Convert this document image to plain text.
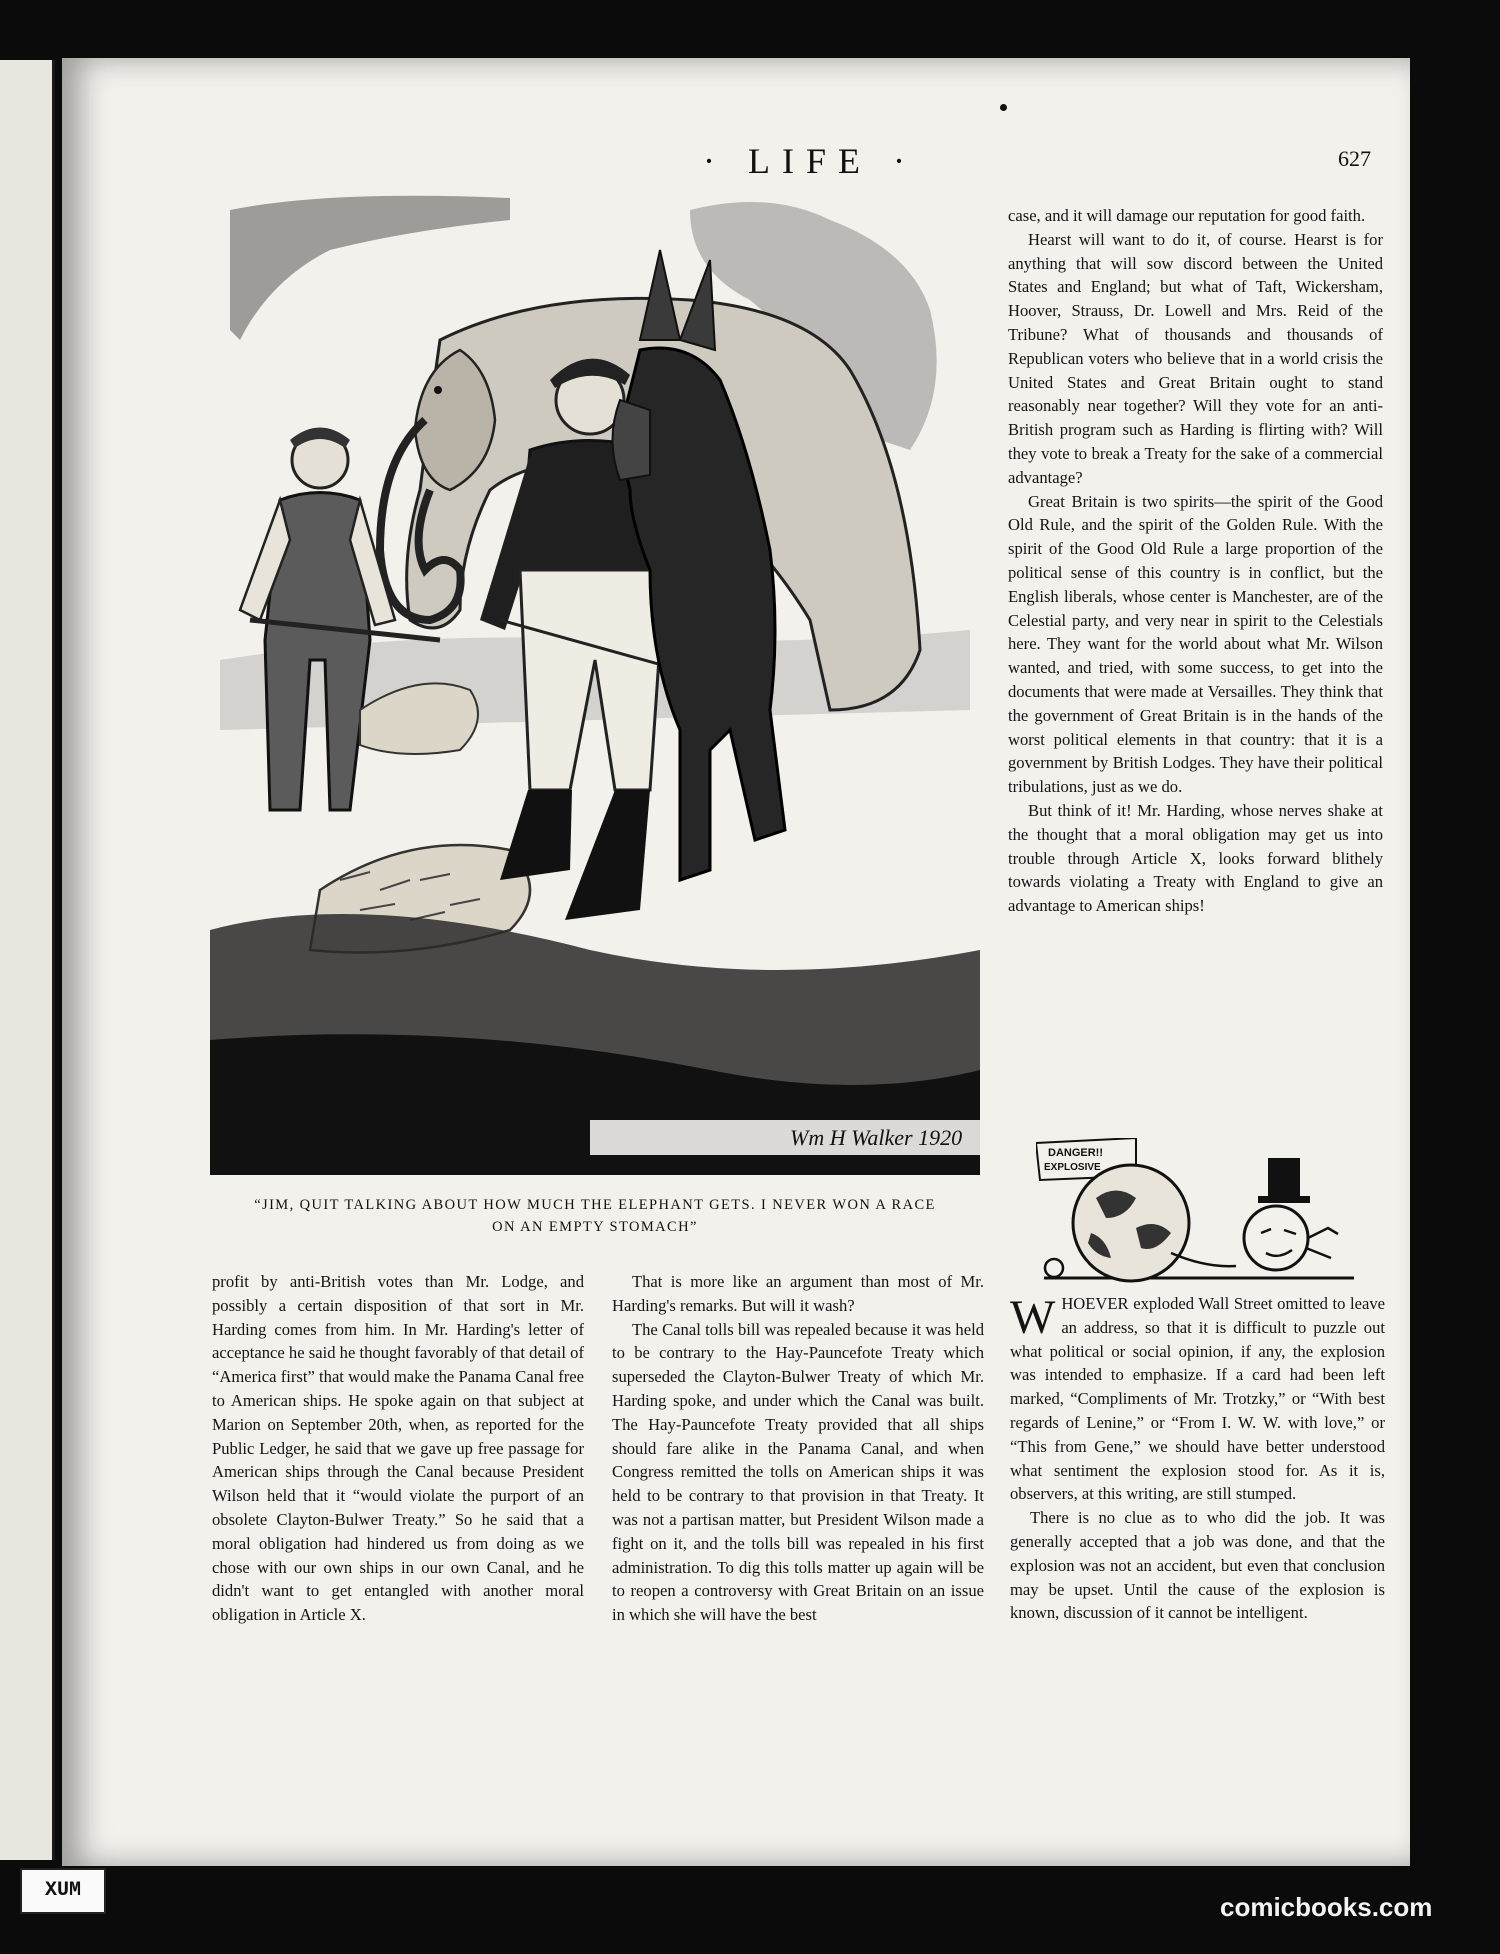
· LIFE ·	627
Wm H Walker 1920
“JIM, QUIT TALKING ABOUT HOW MUCH THE ELEPHANT GETS. I NEVER WON A RACE ON AN EMPTY STOMACH”

case, and it will damage our reputation for good faith.

Hearst will want to do it, of course. Hearst is for anything that will sow discord between the United States and England; but what of Taft, Wickersham, Hoover, Strauss, Dr. Lowell and Mrs. Reid of the Tribune? What of thousands and thousands of Republican voters who believe that in a world crisis the United States and Great Britain ought to stand reasonably near together? Will they vote for an anti-British program such as Harding is flirting with? Will they vote to break a Treaty for the sake of a commercial advantage?

Great Britain is two spirits—the spirit of the Good Old Rule, and the spirit of the Golden Rule. With the spirit of the Good Old Rule a large proportion of the political sense of this country is in conflict, but the English liberals, whose center is Manchester, are of the Celestial party, and very near in spirit to the Celestials here. They want for the world about what Mr. Wilson wanted, and tried, with some success, to get into the documents that were made at Versailles. They think that the government of Great Britain is in the hands of the worst political elements in that country: that it is a government by British Lodges. They have their political tribulations, just as we do.

But think of it! Mr. Harding, whose nerves shake at the thought that a moral obligation may get us into trouble through Article X, looks forward blithely towards violating a Treaty with England to give an advantage to American ships!

DANGER!!
EXPLOSIVE

profit by anti-British votes than Mr. Lodge, and possibly a certain disposition of that sort in Mr. Harding comes from him. In Mr. Harding's letter of acceptance he said he thought favorably of that detail of “America first” that would make the Panama Canal free to American ships. He spoke again on that subject at Marion on September 20th, when, as reported for the Public Ledger, he said that we gave up free passage for American ships through the Canal because President Wilson held that it “would violate the purport of an obsolete Clayton-Bulwer Treaty.” So he said that a moral obligation had hindered us from doing as we chose with our own ships in our own Canal, and he didn't want to get entangled with another moral obligation in Article X.

That is more like an argument than most of Mr. Harding's remarks. But will it wash?

The Canal tolls bill was repealed because it was held to be contrary to the Hay-Pauncefote Treaty which superseded the Clayton-Bulwer Treaty of which Mr. Harding spoke, and under which the Canal was built. The Hay-Pauncefote Treaty provided that all ships should fare alike in the Panama Canal, and when Congress remitted the tolls on American ships it was held to be contrary to that provision in that Treaty. It was not a partisan matter, but President Wilson made a fight on it, and the tolls bill was repealed in his first administration. To dig this tolls matter up again will be to reopen a controversy with Great Britain on an issue in which she will have the best

WHOEVER exploded Wall Street omitted to leave an address, so that it is difficult to puzzle out what political or social opinion, if any, the explosion was intended to emphasize. If a card had been left marked, “Compliments of Mr. Trotzky,” or “With best regards of Lenine,” or “From I. W. W. with love,” or “This from Gene,” we should have better understood what sentiment the explosion stood for. As it is, observers, at this writing, are still stumped.

There is no clue as to who did the job. It was generally accepted that a job was done, and that the explosion was not an accident, but even that conclusion may be upset. Until the cause of the explosion is known, discussion of it cannot be intelligent.

XUM
comicbooks.com
